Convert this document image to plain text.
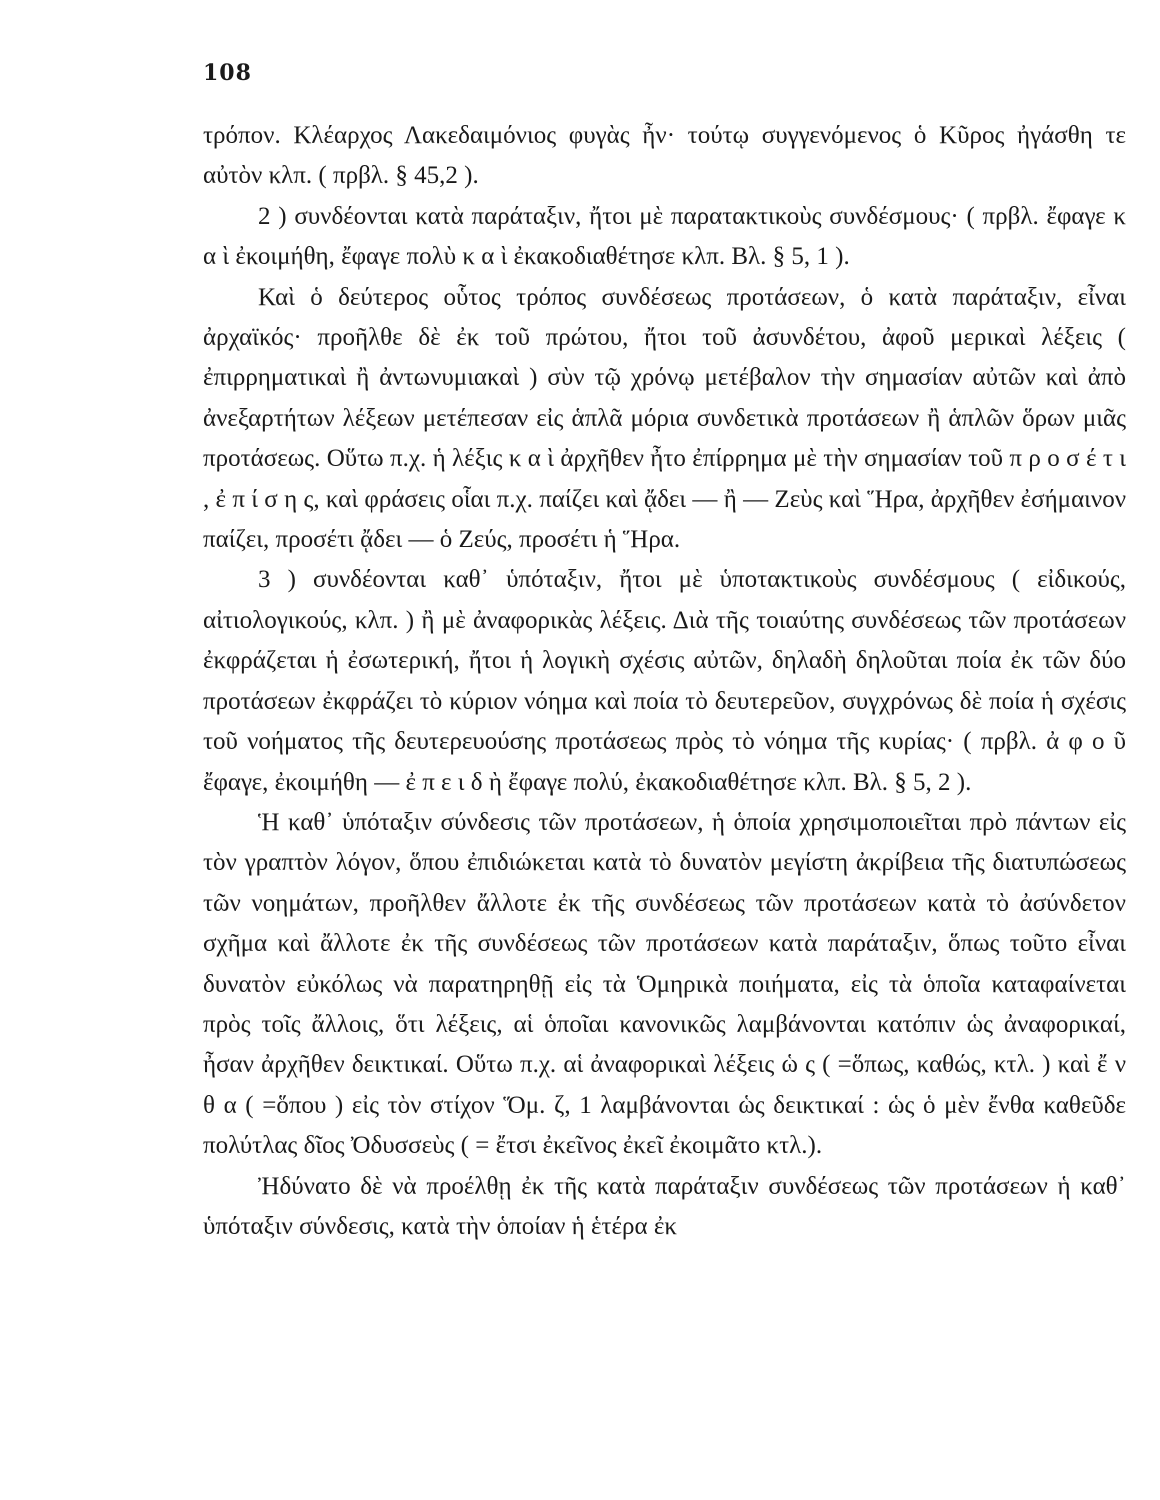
108

τρόπον. Κλέαρχος Λακεδαιμόνιος φυγὰς ἦν· τούτῳ συγγενόμενος ὁ Κῦρος ἠγάσθη τε αὐτὸν κλπ. ( πρβλ. § 45,2 ).

2 ) συνδέονται κατὰ παράταξιν, ἤτοι μὲ παρατακτικοὺς συνδέσμους· ( πρβλ. ἔφαγε κ α ὶ ἐκοιμήθη, ἔφαγε πολὺ κ α ὶ ἐκακοδιαθέτησε κλπ. Βλ. § 5, 1 ).

Καὶ ὁ δεύτερος οὗτος τρόπος συνδέσεως προτάσεων, ὁ κατὰ παράταξιν, εἶναι ἀρχαϊκός· προῆλθε δὲ ἐκ τοῦ πρώτου, ἤτοι τοῦ ἀσυνδέτου, ἀφοῦ μερικαὶ λέξεις ( ἐπιρρηματικαὶ ἢ ἀντωνυμιακαὶ ) σὺν τῷ χρόνῳ μετέβαλον τὴν σημασίαν αὐτῶν καὶ ἀπὸ ἀνεξαρτήτων λέξεων μετέπεσαν εἰς ἁπλᾶ μόρια συνδετικὰ προτάσεων ἢ ἁπλῶν ὅρων μιᾶς προτάσεως. Οὕτω π.χ. ἡ λέξις κ α ὶ ἀρχῆθεν ἦτο ἐπίρρημα μὲ τὴν σημασίαν τοῦ π ρ ο σ έ τ ι , ἐ π ί σ η ς, καὶ φράσεις οἷαι π.χ. παίζει καὶ ᾄδει — ἢ — Ζεὺς καὶ Ἥρα, ἀρχῆθεν ἐσήμαινον παίζει, προσέτι ᾄδει — ὁ Ζεύς, προσέτι ἡ Ἥρα.

3 ) συνδέονται καθ᾽ ὑπόταξιν, ἤτοι μὲ ὑποτακτικοὺς συνδέσμους ( εἰδικούς, αἰτιολογικούς, κλπ. ) ἢ μὲ ἀναφορικὰς λέξεις. Διὰ τῆς τοιαύτης συνδέσεως τῶν προτάσεων ἐκφράζεται ἡ ἐσωτερική, ἤτοι ἡ λογικὴ σχέσις αὐτῶν, δηλαδὴ δηλοῦται ποία ἐκ τῶν δύο προτάσεων ἐκφράζει τὸ κύριον νόημα καὶ ποία τὸ δευτερεῦον, συγχρόνως δὲ ποία ἡ σχέσις τοῦ νοήματος τῆς δευτερευούσης προτάσεως πρὸς τὸ νόημα τῆς κυρίας· ( πρβλ. ἀ φ ο ῦ ἔφαγε, ἐκοιμήθη — ἐ π ε ι δ ὴ ἔφαγε πολύ, ἐκακοδιαθέτησε κλπ. Βλ. § 5, 2 ).

Ἡ καθ᾽ ὑπόταξιν σύνδεσις τῶν προτάσεων, ἡ ὁποία χρησιμοποιεῖται πρὸ πάντων εἰς τὸν γραπτὸν λόγον, ὅπου ἐπιδιώκεται κατὰ τὸ δυνατὸν μεγίστη ἀκρίβεια τῆς διατυπώσεως τῶν νοημάτων, προῆλθεν ἄλλοτε ἐκ τῆς συνδέσεως τῶν προτάσεων κατὰ τὸ ἀσύνδετον σχῆμα καὶ ἄλλοτε ἐκ τῆς συνδέσεως τῶν προτάσεων κατὰ παράταξιν, ὅπως τοῦτο εἶναι δυνατὸν εὐκόλως νὰ παρατηρηθῇ εἰς τὰ Ὁμηρικὰ ποιήματα, εἰς τὰ ὁποῖα καταφαίνεται πρὸς τοῖς ἄλλοις, ὅτι λέξεις, αἱ ὁποῖαι κανονικῶς λαμβάνονται κατόπιν ὡς ἀναφορικαί, ἦσαν ἀρχῆθεν δεικτικαί. Οὕτω π.χ. αἱ ἀναφορικαὶ λέξεις ὡ ς ( =ὅπως, καθώς, κτλ. ) καὶ ἔ ν θ α ( =ὅπου ) εἰς τὸν στίχον Ὅμ. ζ, 1 λαμβάνονται ὡς δεικτικαί : ὡς ὁ μὲν ἔνθα καθεῦδε πολύτλας δῖος Ὀδυσσεὺς ( = ἔτσι ἐκεῖνος ἐκεῖ ἐκοιμᾶτο κτλ.).

Ἠδύνατο δὲ νὰ προέλθῃ ἐκ τῆς κατὰ παράταξιν συνδέσεως τῶν προτάσεων ἡ καθ᾽ ὑπόταξιν σύνδεσις, κατὰ τὴν ὁποίαν ἡ ἑτέρα ἐκ
